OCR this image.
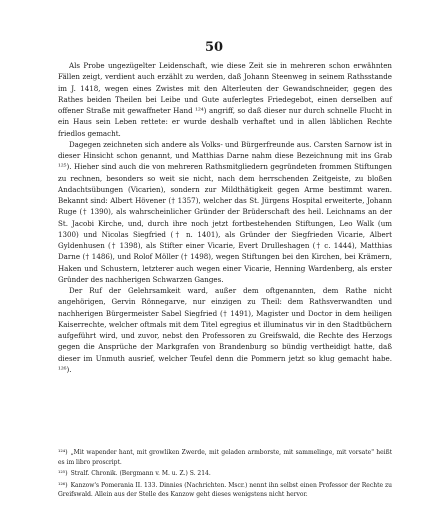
50

Als Probe ungezügelter Leidenschaft, wie diese Zeit sie in mehreren schon erwähnten Fällen zeigt, verdient auch erzählt zu werden, daß Johann Steenweg in seinem Rathsstande im J. 1418, wegen eines Zwistes mit den Alterleuten der Gewandschneider, gegen des Rathes beiden Theilen bei Leibe und Gute auferlegtes Friedegebot, einen derselben auf offener Straße mit gewaffneter Hand ¹²⁴) angriff, so daß dieser nur durch schnelle Flucht in ein Haus sein Leben rettete: er wurde deshalb verhaftet und in allen läblichen Rechte friedlos gemacht.

Dagegen zeichneten sich andere als Volks- und Bürgerfreunde aus. Carsten Sarnow ist in dieser Hinsicht schon genannt, und Matthias Darne nahm diese Bezeichnung mit ins Grab ¹²⁵). Hieher sind auch die von mehreren Rathsmitgliedern gegründeten frommen Stiftungen zu rechnen, besonders so weit sie nicht, nach dem herrschenden Zeitgeiste, zu bloßen Andachtsübungen (Vicarien), sondern zur Mildthätigkeit gegen Arme bestimmt waren. Bekannt sind: Albert Hövener († 1357), welcher das St. Jürgens Hospital erweiterte, Johann Ruge († 1390), als wahrscheinlicher Gründer der Brüderschaft des heil. Leichnams an der St. Jacobi Kirche, und, durch ihre noch jetzt fortbestehenden Stiftungen, Leo Walk (um 1300) und Nicolas Siegfried († n. 1401), als Gründer der Siegfrieden Vicarie, Albert Gyldenhusen († 1398), als Stifter einer Vicarie, Evert Drulleshagen († c. 1444), Matthias Darne († 1486), und Rolof Möller († 1498), wegen Stiftungen bei den Kirchen, bei Krämern, Haken und Schustern, letzterer auch wegen einer Vicarie, Henning Wardenberg, als erster Gründer des nachherigen Schwarzen Ganges.

Der Ruf der Gelehrsamkeit ward, außer dem oftgenannten, dem Rathe nicht angehörigen, Gervin Rönnegarve, nur einzigen zu Theil: dem Rathsverwandten und nachherigen Bürgermeister Sabel Siegfried († 1491), Magister und Doctor in dem heiligen Kaiserrechte, welcher oftmals mit dem Titel egregius et illuminatus vir in den Stadtbüchern aufgeführt wird, und zuvor, nebst den Professoren zu Greifswald, die Rechte des Herzogs gegen die Ansprüche der Markgrafen von Brandenburg so bündig vertheidigt hatte, daß dieser im Unmuth ausrief, welcher Teufel denn die Pommern jetzt so klug gemacht habe. ¹²⁶).

¹²⁴) „Mit wapender hant, mit growliken Zwerde, mit geladen armborste, mit sammelinge, mit vorsate" heißt es im libro proscript.

¹²⁵) Stralf. Chronik. (Bergmann v. M. u. Z.) S. 214.

¹²⁶) Kanzow's Pomerania II. 133. Dinnies (Nachrichten. Mscr.) nennt ihn selbst einen Professor der Rechte zu Greifswald. Allein aus der Stelle des Kanzow geht dieses wenigstens nicht hervor.
